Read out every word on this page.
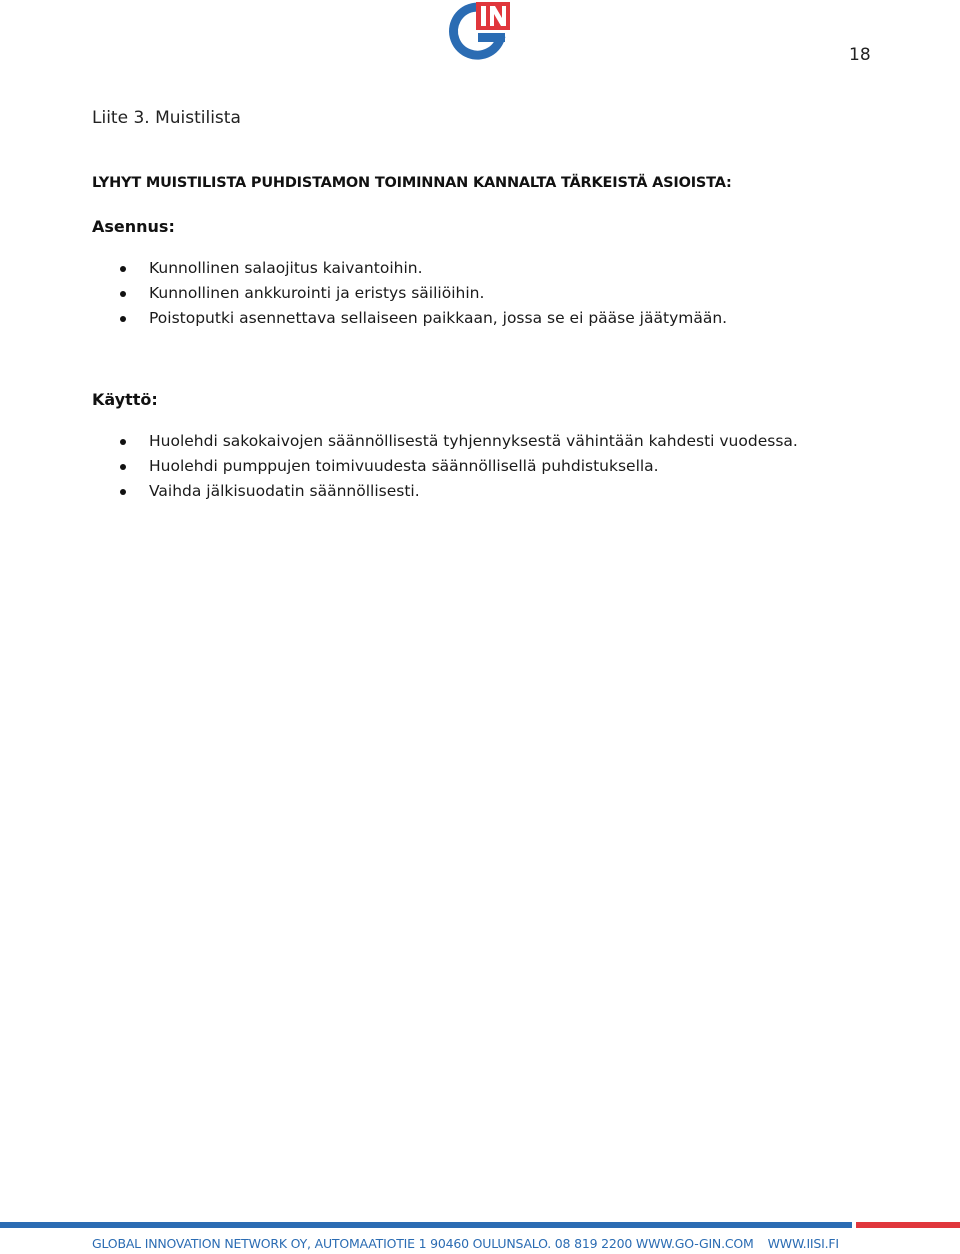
18
Liite 3. Muistilista
LYHYT MUISTILISTA PUHDISTAMON TOIMINNAN KANNALTA TÄRKEISTÄ ASIOISTA:
Asennus:
Kunnollinen salaojitus kaivantoihin.
Kunnollinen ankkurointi ja eristys säiliöihin.
Poistoputki asennettava sellaiseen paikkaan, jossa se ei pääse jäätymään.
Käyttö:
Huolehdi sakokaivojen säännöllisestä tyhjennyksestä vähintään kahdesti vuodessa.
Huolehdi pumppujen toimivuudesta säännöllisellä puhdistuksella.
Vaihda jälkisuodatin säännöllisesti.
GLOBAL INNOVATION NETWORK OY, AUTOMAATIOTIE 1 90460 OULUNSALO. 08 819 2200 WWW.GO-GIN.COM WWW.IISI.FI
